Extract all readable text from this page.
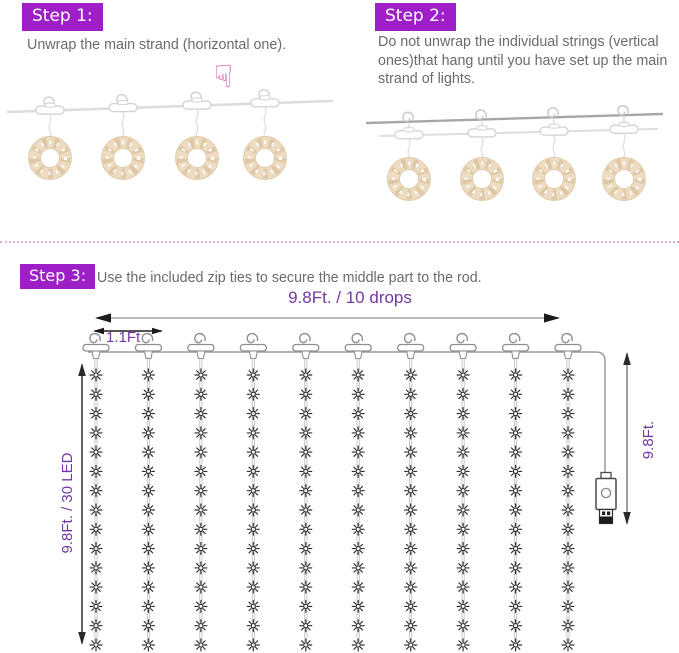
Step 1:

Unwrap the main strand (horizontal one).

Step 2:

Do not unwrap the individual strings (vertical ones)that hang until you have set up the main strand of lights.

☟
Step 3: Use the included zip ties to secure the middle part to the rod.

9.8Ft. / 10 drops
1.1Ft
9.8Ft. / 30 LED
9.8Ft.
